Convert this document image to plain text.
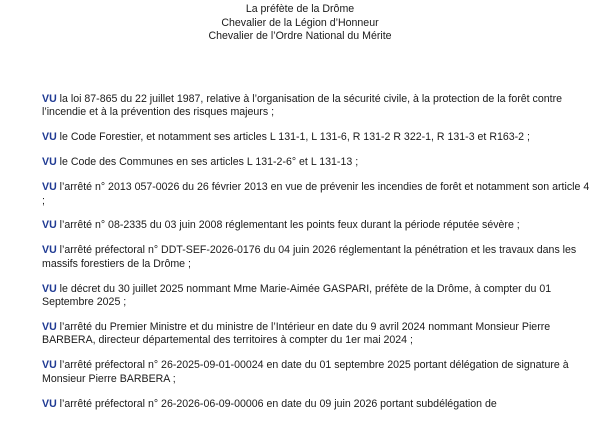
La préfète de la Drôme
Chevalier de la Légion d’Honneur
Chevalier de l’Ordre National du Mérite

VU la loi 87-865 du 22 juillet 1987, relative à l’organisation de la sécurité civile, à la protection de la forêt contre l’incendie et à la prévention des risques majeurs ;

VU le Code Forestier, et notamment ses articles L 131-1, L 131-6, R 131-2 R 322-1, R 131-3 et R163-2 ;

VU le Code des Communes en ses articles L 131-2-6° et L 131-13 ;

VU l’arrêté n° 2013 057-0026 du 26 février 2013 en vue de prévenir les incendies de forêt et notamment son article 4 ;

VU l’arrêté n° 08-2335 du 03 juin 2008 réglementant les points feux durant la période réputée sévère ;

VU l’arrêté préfectoral n° DDT-SEF-2026-0176 du 04 juin 2026 réglementant la pénétration et les travaux dans les massifs forestiers de la Drôme ;

VU le décret du 30 juillet 2025 nommant Mme Marie-Aimée GASPARI, préfète de la Drôme, à compter du 01 Septembre 2025 ;

VU l’arrêté du Premier Ministre et du ministre de l’Intérieur en date du 9 avril 2024 nommant Monsieur Pierre BARBERA, directeur départemental des territoires à compter du 1er mai 2024 ;

VU l’arrêté préfectoral n° 26-2025-09-01-00024 en date du 01 septembre 2025 portant délégation de signature à Monsieur Pierre BARBERA ;

VU l’arrêté préfectoral n° 26-2026-06-09-00006 en date du 09 juin 2026 portant subdélégation de
